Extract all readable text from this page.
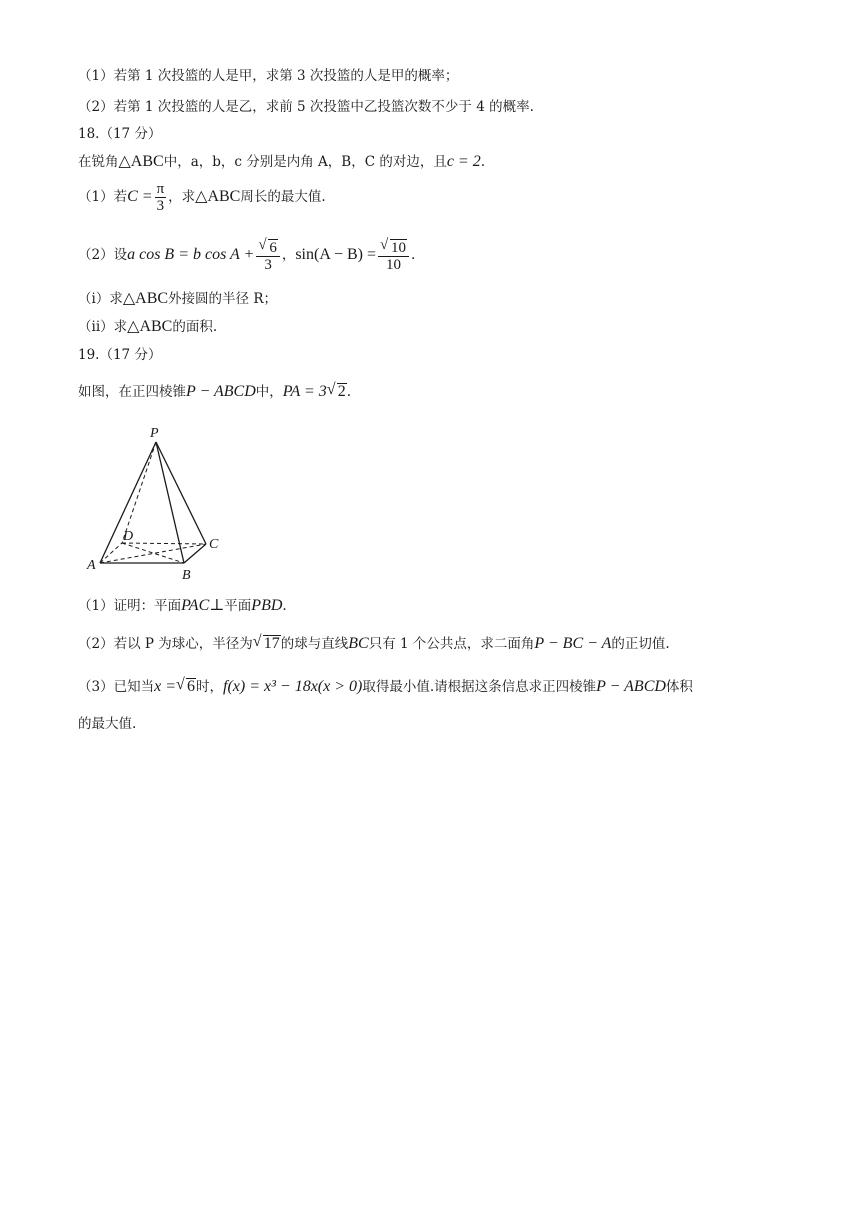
（1）若第 1 次投篮的人是甲，求第 3 次投篮的人是甲的概率；
（2）若第 1 次投篮的人是乙，求前 5 次投篮中乙投篮次数不少于 4 的概率.
18.（17 分）
在锐角△ABC中，a，b，c 分别是内角 A，B，C 的对边，且c = 2.
（1）若$C = \frac{\pi}{3}$ ，求△ABC周长的最大值.
（2）设a cos B = b cos A + √ $\frac{6}{3}$ ，sin(A − B) = √ $\frac{10}{10}$ .
（i）求△ABC外接圆的半径 R；
（ii）求△ABC的面积.
19.（17 分）
如图，在正四棱锥P − ABCD中，PA = 3 √ 2.
P
A
B
C
D
（1）证明：平面PAC⊥平面PBD.
（2）若以 P 为球心，半径为 √ 17的球与直线BC只有 1 个公共点，求二面角P − BC − A的正切值.
（3）已知当x = √ 6时，f(x) = x³ − 18x(x > 0)取得最小值.请根据这条信息求正四棱锥P − ABCD体积
的最大值.
